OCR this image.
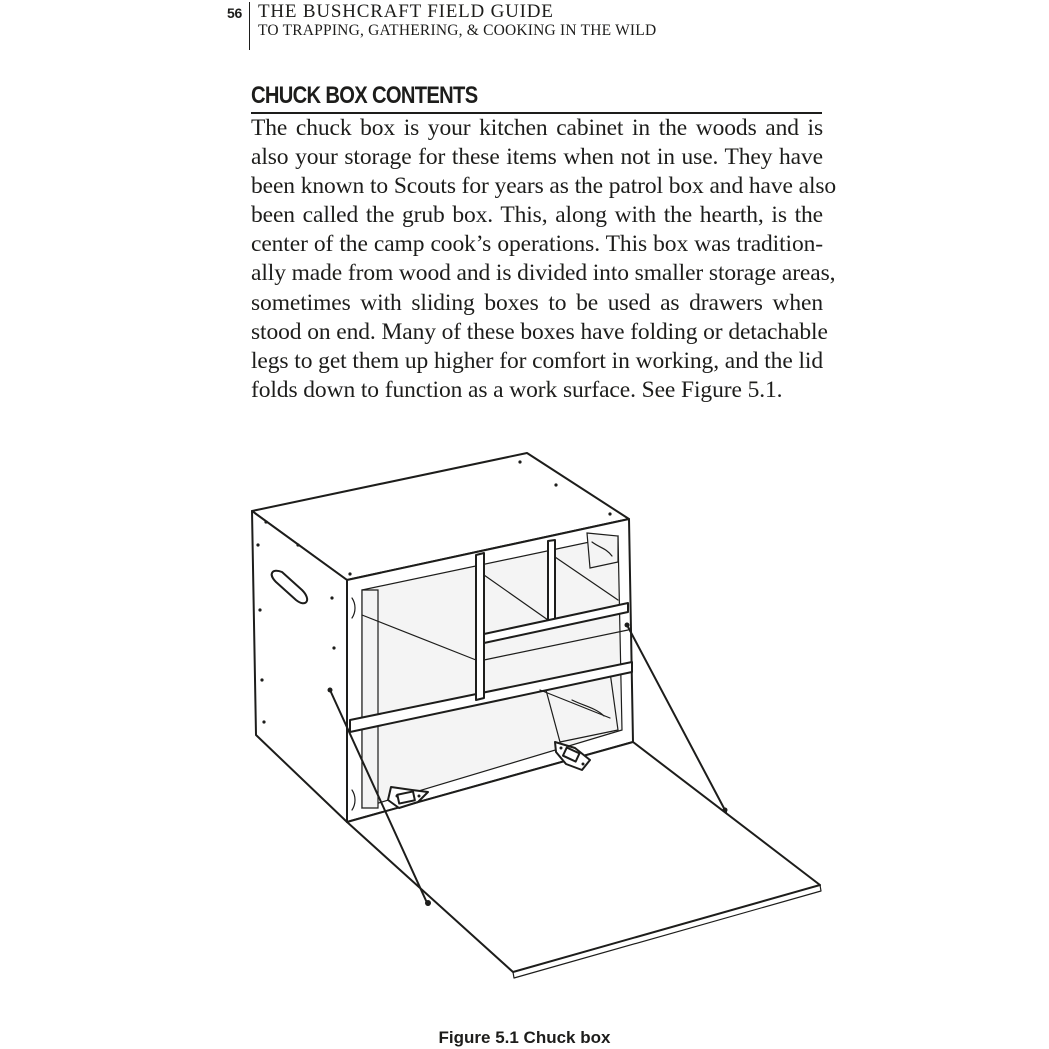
56 THE BUSHCRAFT FIELD GUIDE
TO TRAPPING, GATHERING, & COOKING IN THE WILD
CHUCK BOX CONTENTS
The chuck box is your kitchen cabinet in the woods and is
also your storage for these items when not in use. They have
been known to Scouts for years as the patrol box and have also
been called the grub box. This, along with the hearth, is the
center of the camp cook’s operations. This box was tradition-
ally made from wood and is divided into smaller storage areas,
sometimes with sliding boxes to be used as drawers when
stood on end. Many of these boxes have folding or detachable
legs to get them up higher for comfort in working, and the lid
folds down to function as a work surface. See Figure 5.1.
Figure 5.1 Chuck box
